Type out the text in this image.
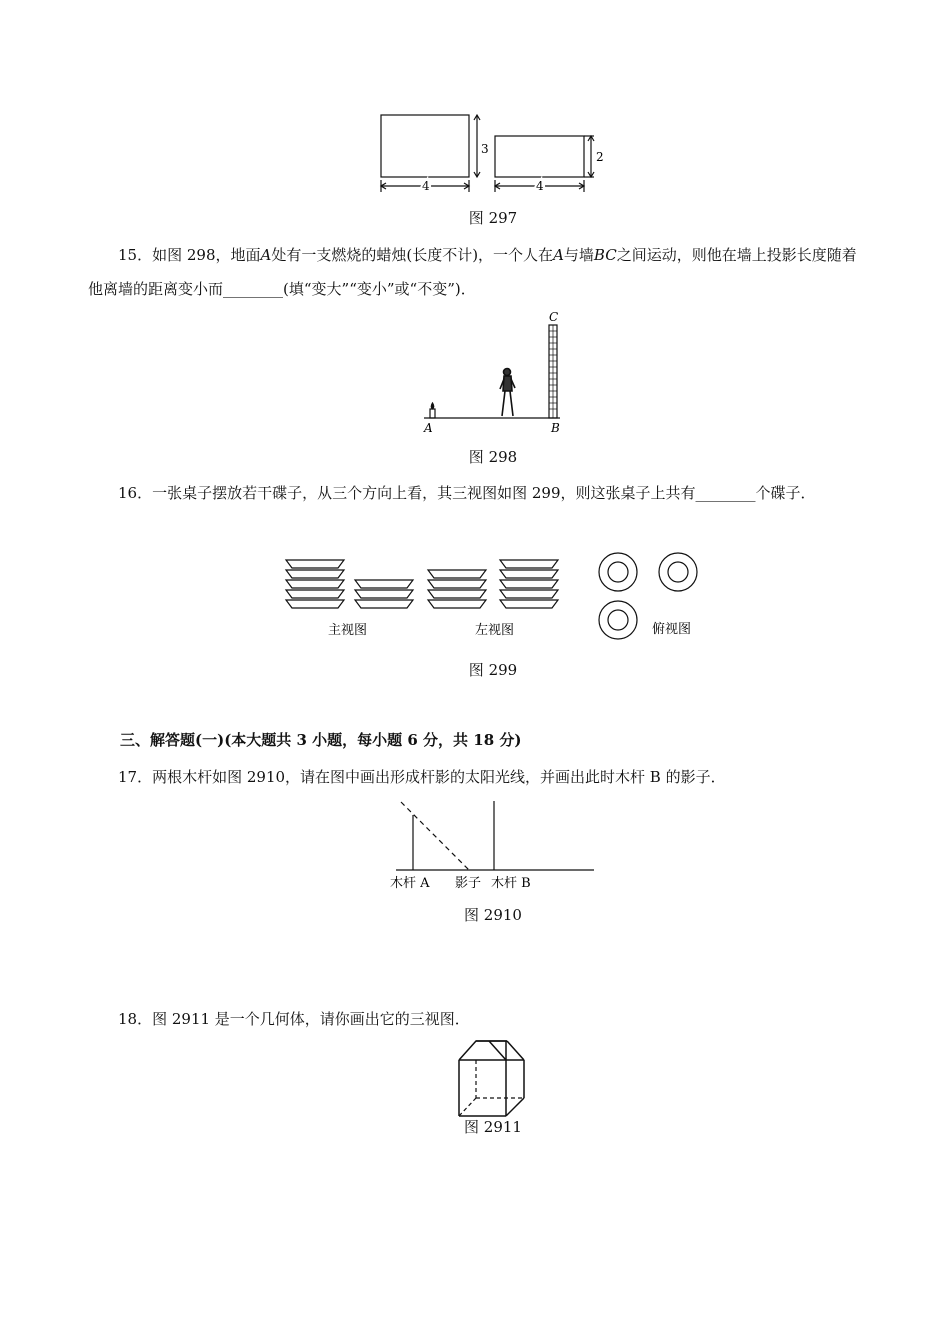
3
4
2
4
图 297
15．如图 298，地面A处有一支燃烧的蜡烛(长度不计)，一个人在A与墙BC之间运动，则他在墙上投影长度随着他离墙的距离变小而________(填“变大”“变小”或“不变”)．
A	B
C
图 298
16．一张桌子摆放若干碟子，从三个方向上看，其三视图如图 299，则这张桌子上共有________个碟子．
主视图	左视图	俯视图
图 299
三、解答题(一)(本大题共 3 小题，每小题 6 分，共 18 分)
17．两根木杆如图 2910，请在图中画出形成杆影的太阳光线，并画出此时木杆 B 的影子．
木杆 A 影子 木杆 B
图 2910
18．图 2911 是一个几何体，请你画出它的三视图．
图 2911
